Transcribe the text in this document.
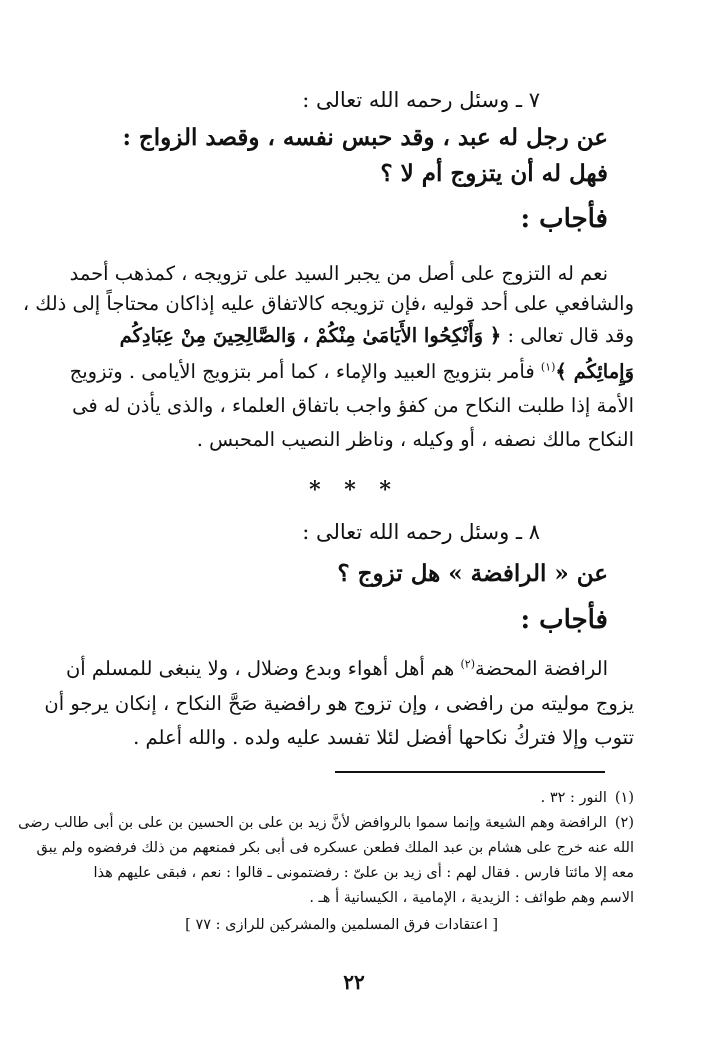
٧ ـ وسئل رحمه الله تعالى :

عن رجل له عبد ، وقد حبس نفسه ، وقصد الزواج :

فهل له أن يتزوج أم لا ؟

فأجاب :

نعم له التزوج على أصل من يجبر السيد على تزويجه ، كمذهب أحمد

والشافعي على أحد قوليه ،فإن تزويجه كالاتفاق عليه إذاكان محتاجاً إلى ذلك ،

وقد قال تعالى : ﴿ وَأَنْكِحُوا الأَيَامَىٰ مِنْكُمْ ، وَالصَّالِحِينَ مِنْ عِبَادِكُم

وَإِمائِكُم ﴾$^{(١)}$ فأمر بتزويج العبيد والإماء ، كما أمر بتزويج الأيامى . وتزويج

الأمة إذا طلبت النكاح من كفؤ واجب باتفاق العلماء ، والذى يأذن له فى

النكاح مالك نصفه ، أو وكيله ، وناظر النصيب المحبس .

* * *

٨ ـ وسئل رحمه الله تعالى :

عن « الرافضة » هل تزوج ؟

فأجاب :

الرافضة المحضة$^{(٢)}$ هم أهل أهواء وبدع وضلال ، ولا ينبغى للمسلم أن

يزوج موليته من رافضى ، وإن تزوج هو رافضية صَحَّ النكاح ، إنكان يرجو أن

تتوب وإلا فتركُ نكاحها أفضل لئلا تفسد عليه ولده . والله أعلم .

(١)النور : ٣٢ .

(٢)الرافضة وهم الشيعة وإنما سموا بالروافض لأنَّ زيد بن على بن الحسين بن على بن أبى طالب رضى

الله عنه خرج على هشام بن عبد الملك فطعن عسكره فى أبى بكر فمنعهم من ذلك فرفضوه ولم يبق

معه إلا مائتا فارس . فقال لهم : أى زيد بن علىّ : رفضتمونى ـ قالوا : نعم ، فبقى عليهم هذا

الاسم وهم طوائف : الزيدية ، الإمامية ، الكيسانية أ هـ .

[ اعتقادات فرق المسلمين والمشركين للرازى : ٧٧ ]

٢٢
